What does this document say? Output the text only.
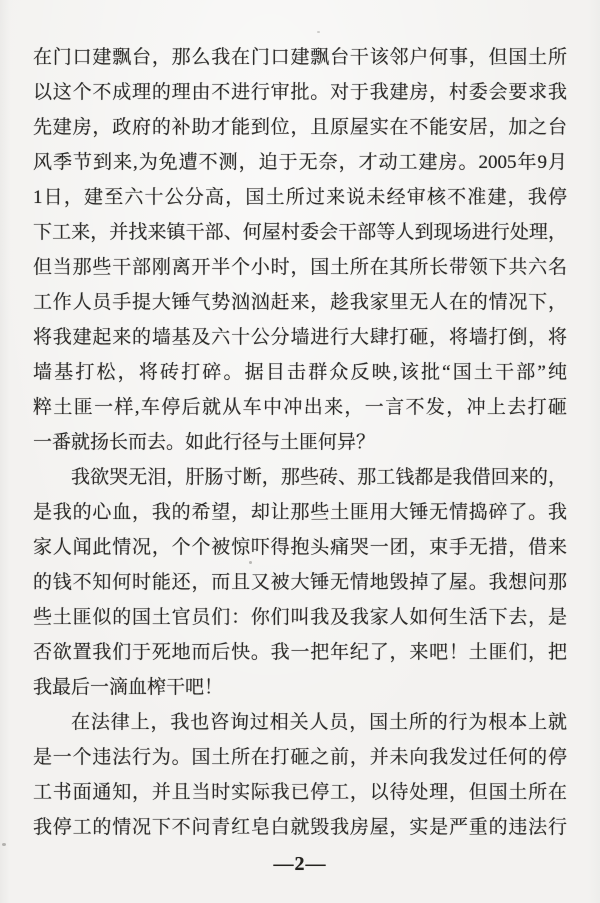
在门口建飘台，那么我在门口建飘台干该邻户何事，但国土所
以这个不成理的理由不进行审批。对于我建房，村委会要求我
先建房，政府的补助才能到位，且原屋实在不能安居，加之台
风季节到来,为免遭不测，迫于无奈，才动工建房。2005年9月
1日，建至六十公分高，国土所过来说未经审核不准建，我停
下工来，并找来镇干部、何屋村委会干部等人到现场进行处理，
但当那些干部刚离开半个小时，国土所在其所长带领下共六名
工作人员手提大锤气势汹汹赶来，趁我家里无人在的情况下，
将我建起来的墙基及六十公分墙进行大肆打砸，将墙打倒，将
墙基打松，将砖打碎。据目击群众反映,该批“国土干部”纯
粹土匪一样,车停后就从车中冲出来，一言不发，冲上去打砸
一番就扬长而去。如此行径与土匪何异？
我欲哭无泪，肝肠寸断，那些砖、那工钱都是我借回来的，
是我的心血，我的希望，却让那些土匪用大锤无情捣碎了。我
家人闻此情况，个个被惊吓得抱头痛哭一团，束手无措，借来
的钱不知何时能还，而且又被大锤无情地毁掉了屋。我想问那
些土匪似的国土官员们：你们叫我及我家人如何生活下去，是
否欲置我们于死地而后快。我一把年纪了，来吧！土匪们，把
我最后一滴血榨干吧！
在法律上，我也咨询过相关人员，国土所的行为根本上就
是一个违法行为。国土所在打砸之前，并未向我发过任何的停
工书面通知，并且当时实际我已停工，以待处理，但国土所在
我停工的情况下不问青红皂白就毁我房屋，实是严重的违法行
—2—
